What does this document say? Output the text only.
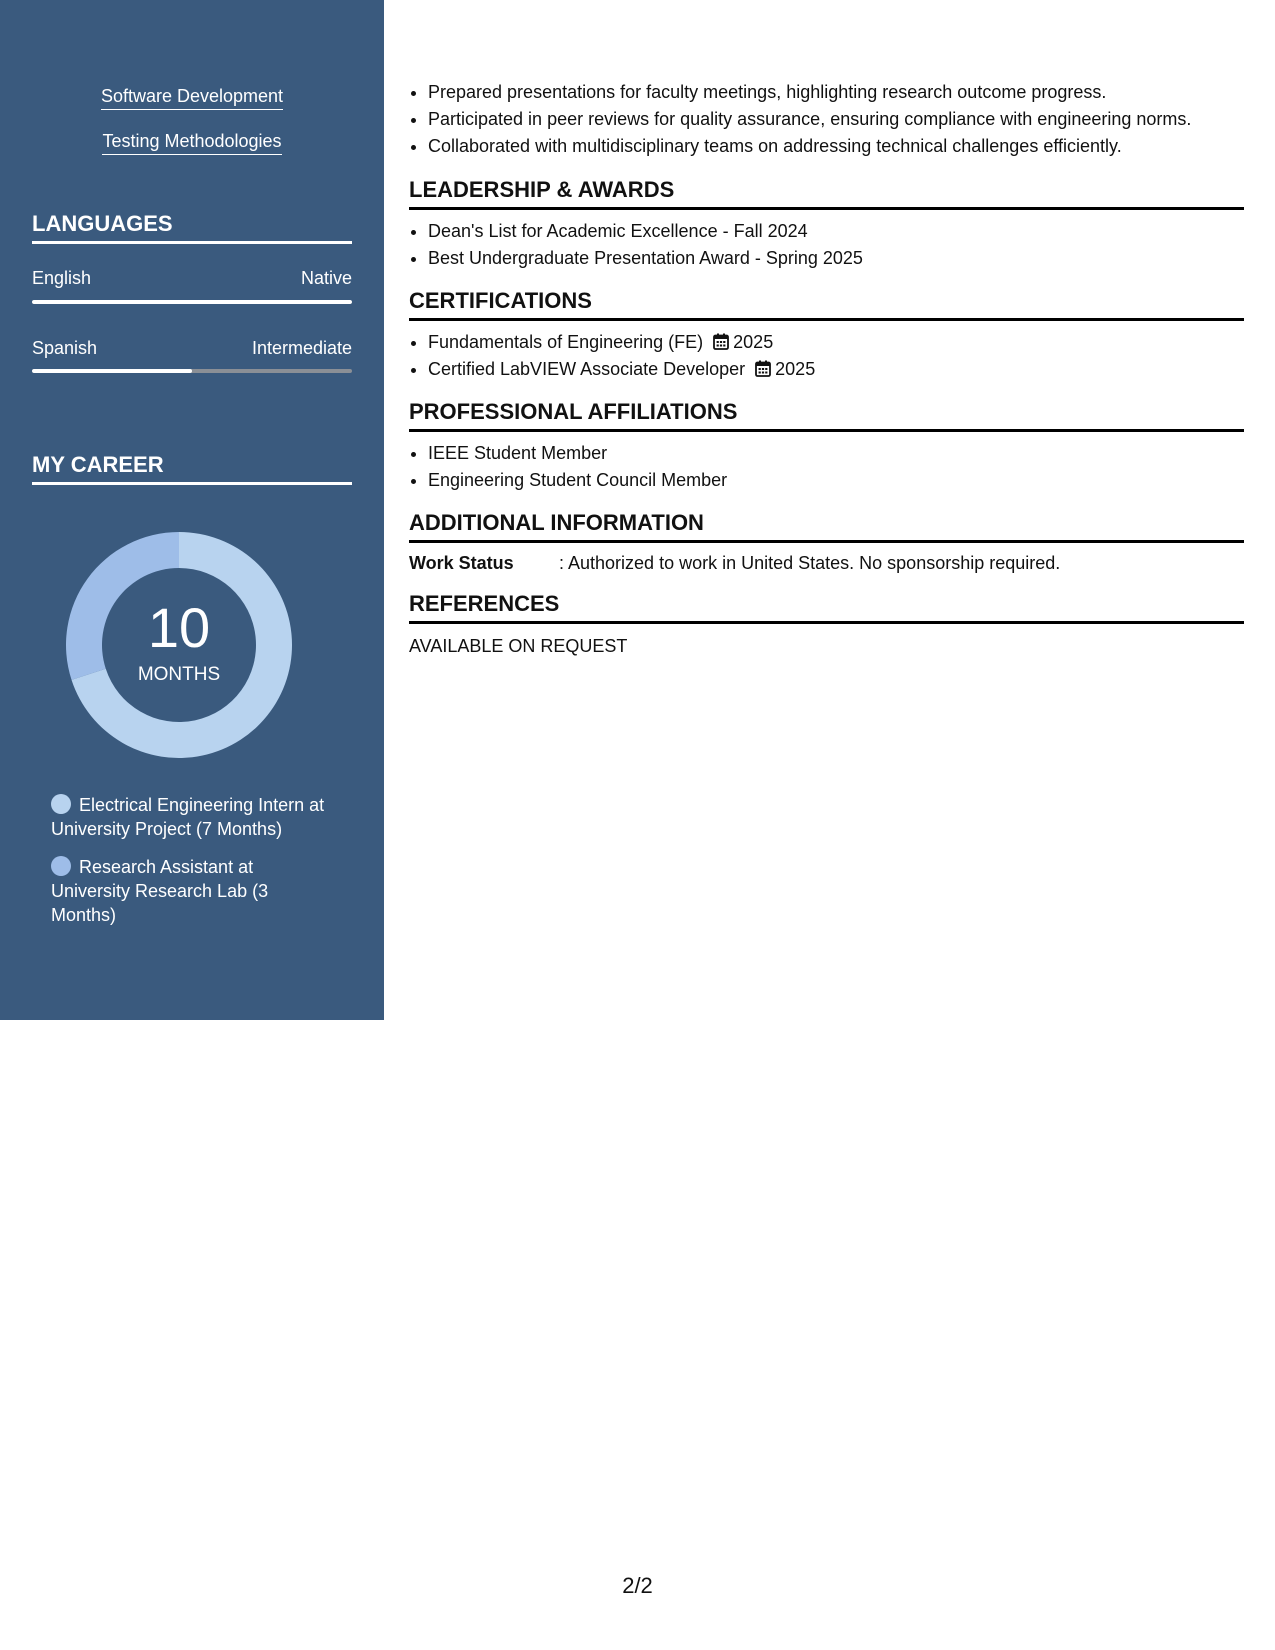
Software Development
Testing Methodologies
LANGUAGES
English	Native
Spanish	Intermediate
MY CAREER
10
MONTHS
Electrical Engineering Intern at University Project (7 Months)
Research Assistant at University Research Lab (3 Months)
• Prepared presentations for faculty meetings, highlighting research outcome progress.
• Participated in peer reviews for quality assurance, ensuring compliance with engineering norms.
• Collaborated with multidisciplinary teams on addressing technical challenges efficiently.
LEADERSHIP & AWARDS
• Dean's List for Academic Excellence - Fall 2024
• Best Undergraduate Presentation Award - Spring 2025
CERTIFICATIONS
• Fundamentals of Engineering (FE) 2025
• Certified LabVIEW Associate Developer 2025
PROFESSIONAL AFFILIATIONS
• IEEE Student Member
• Engineering Student Council Member
ADDITIONAL INFORMATION
Work Status	: Authorized to work in United States. No sponsorship required.
REFERENCES
AVAILABLE ON REQUEST
2/2
